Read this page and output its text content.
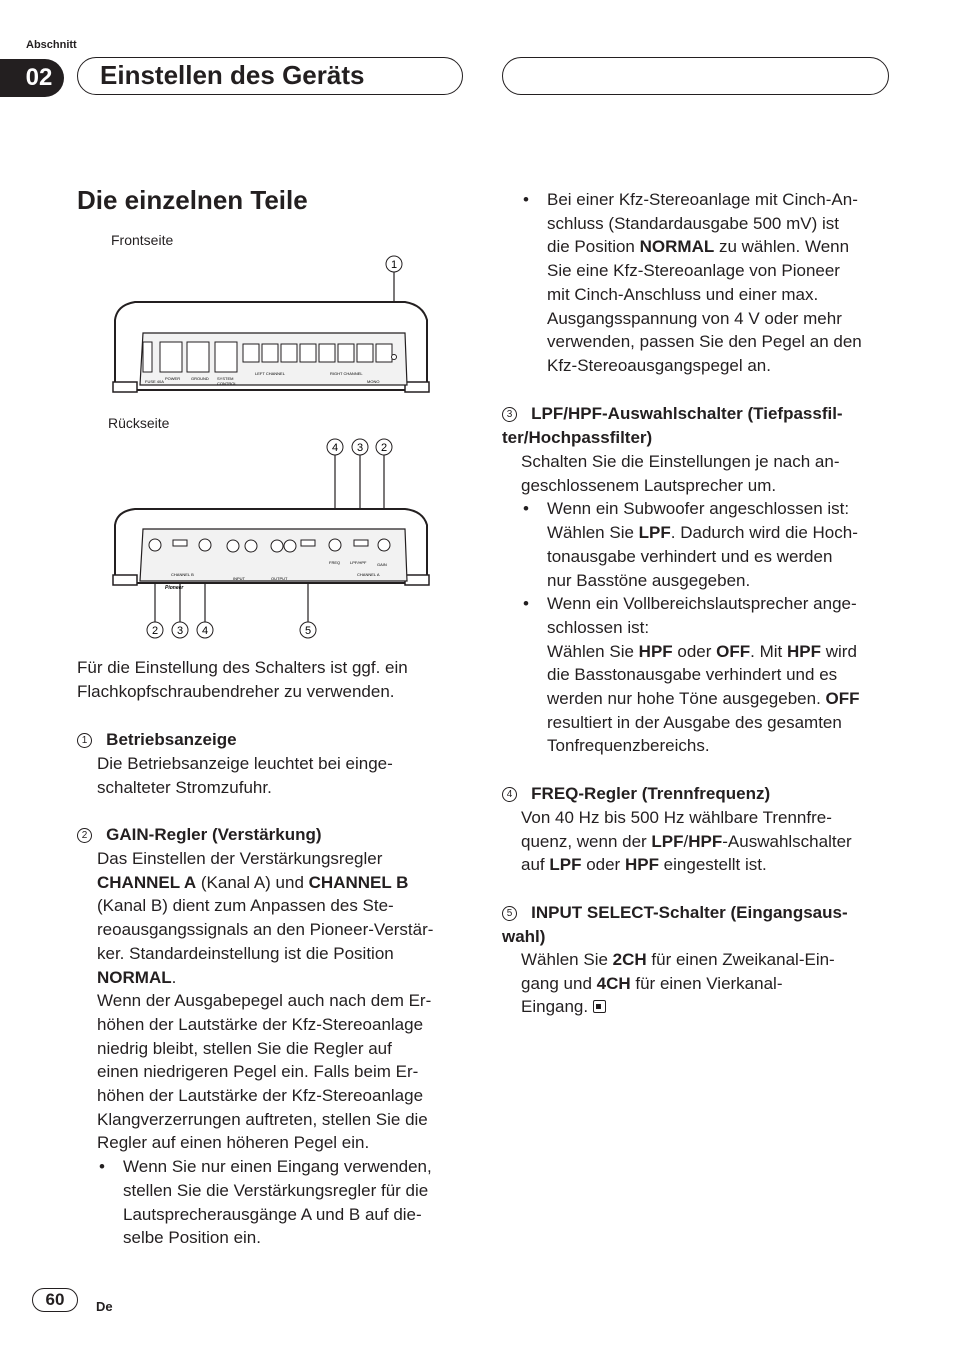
Abschnitt
02	Einstellen des Geräts
Die einzelnen Teile
Frontseite
1
FUSE 40A
POWER	GROUND SYSTEM
CONTROL
LEFT CHANNEL	RIGHT CHANNEL
MONO
Rückseite
4 3 2
2 3 4	5
GAIN
FREQ LPF/HPF
INPUT	OUTPUT
CHANNEL A
CHANNEL B
Pioneer
Für die Einstellung des Schalters ist ggf. ein Flachkopfschraubendreher zu verwenden.
1 Betriebsanzeige
Die Betriebsanzeige leuchtet bei einge-
schalteter Stromzufuhr.
2 GAIN-Regler (Verstärkung)
Das Einstellen der Verstärkungsregler
CHANNEL A (Kanal A) und CHANNEL B
(Kanal B) dient zum Anpassen des Ste-
reoausgangssignals an den Pioneer-Verstär-
ker. Standardeinstellung ist die Position
NORMAL.
Wenn der Ausgabepegel auch nach dem Er-
höhen der Lautstärke der Kfz-Stereoanlage
niedrig bleibt, stellen Sie die Regler auf
einen niedrigeren Pegel ein. Falls beim Er-
höhen der Lautstärke der Kfz-Stereoanlage
Klangverzerrungen auftreten, stellen Sie die
Regler auf einen höheren Pegel ein.
• Wenn Sie nur einen Eingang verwenden,
stellen Sie die Verstärkungsregler für die
Lautsprecherausgänge A und B auf die-
selbe Position ein.
• Bei einer Kfz-Stereoanlage mit Cinch-An-
schluss (Standardausgabe 500 mV) ist
die Position NORMAL zu wählen. Wenn
Sie eine Kfz-Stereoanlage von Pioneer
mit Cinch-Anschluss und einer max.
Ausgangsspannung von 4 V oder mehr
verwenden, passen Sie den Pegel an den
Kfz-Stereoausgangspegel an.
3 LPF/HPF-Auswahlschalter (Tiefpassfil-
ter/Hochpassfilter)
Schalten Sie die Einstellungen je nach an-
geschlossenem Lautsprecher um.
• Wenn ein Subwoofer angeschlossen ist:
Wählen Sie LPF. Dadurch wird die Hoch-
tonausgabe verhindert und es werden
nur Basstöne ausgegeben.
• Wenn ein Vollbereichslautsprecher ange-
schlossen ist:
Wählen Sie HPF oder OFF. Mit HPF wird
die Basstonausgabe verhindert und es
werden nur hohe Töne ausgegeben. OFF
resultiert in der Ausgabe des gesamten
Tonfrequenzbereichs.
4 FREQ-Regler (Trennfrequenz)
Von 40 Hz bis 500 Hz wählbare Trennfre-
quenz, wenn der LPF/HPF-Auswahlschalter
auf LPF oder HPF eingestellt ist.
5 INPUT SELECT-Schalter (Eingangsaus-
wahl)
Wählen Sie 2CH für einen Zweikanal-Ein-
gang und 4CH für einen Vierkanal-
Eingang.
60	De
